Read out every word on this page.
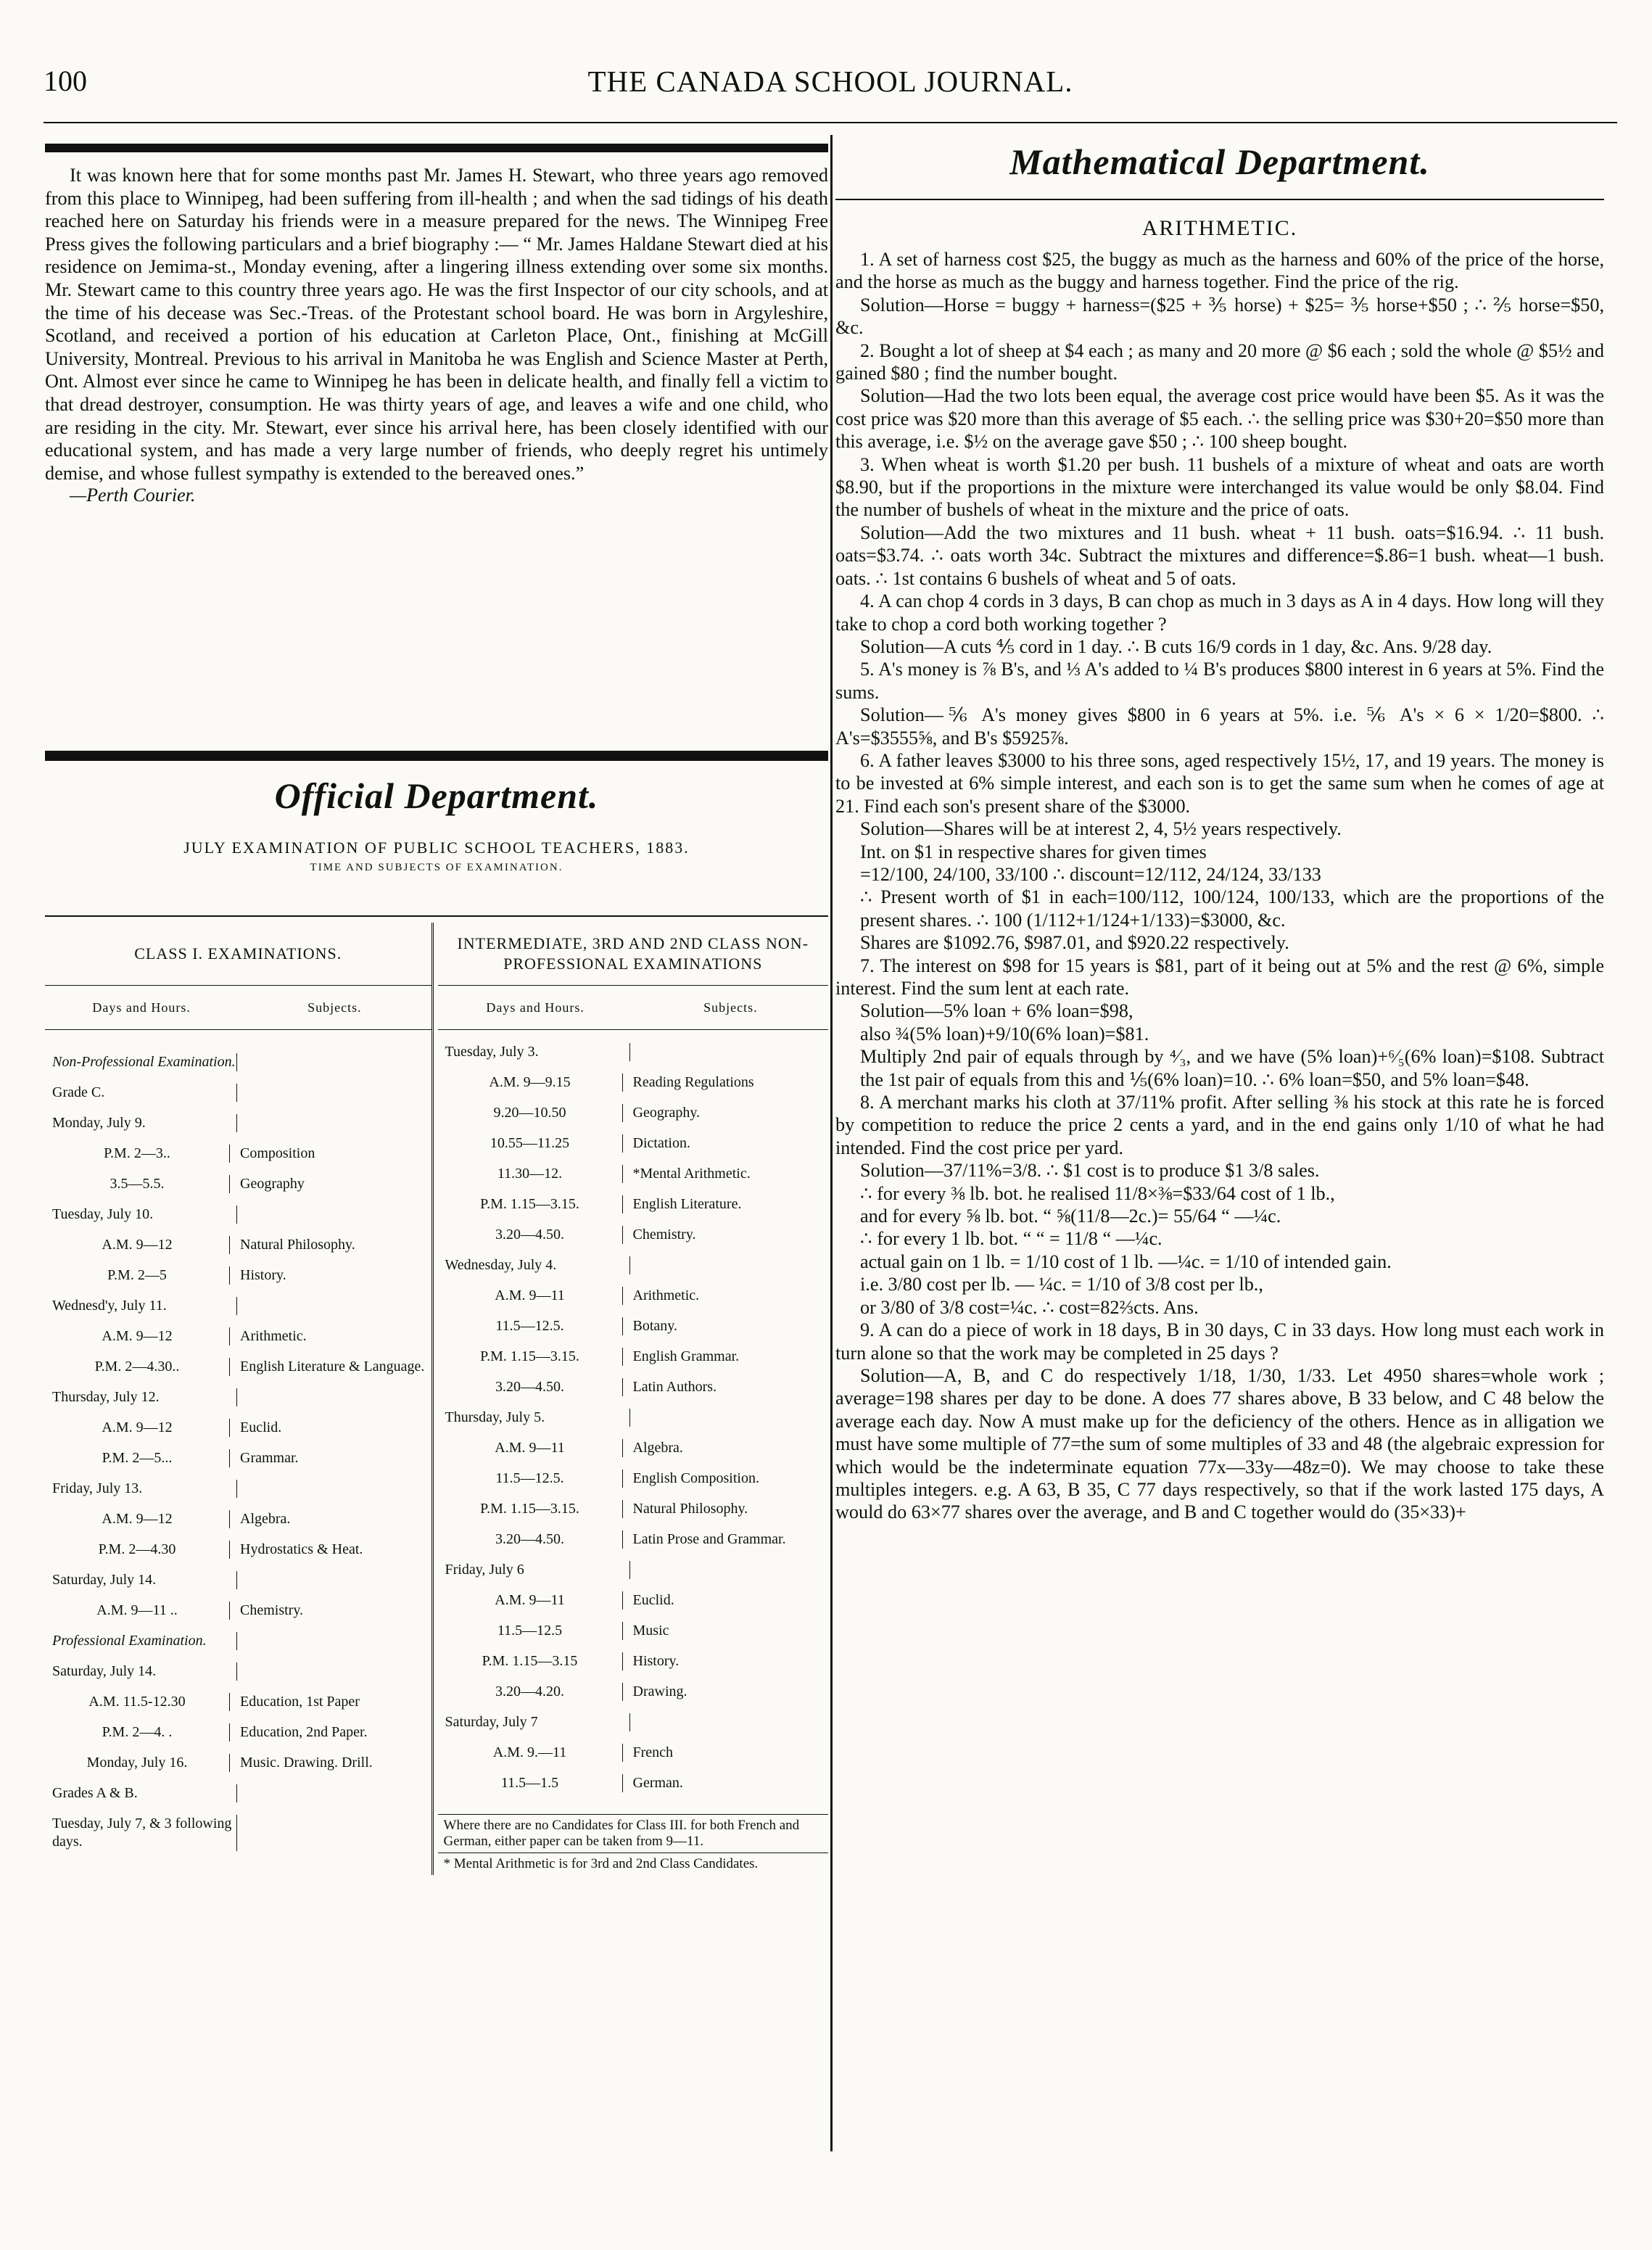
100	THE CANADA SCHOOL JOURNAL.

It was known here that for some months past Mr. James H. Stewart, who three years ago removed from this place to Winnipeg, had been suffering from ill-health ; and when the sad tidings of his death reached here on Saturday his friends were in a measure prepared for the news. The Winnipeg Free Press gives the following particulars and a brief biography :— “ Mr. James Haldane Stewart died at his residence on Jemima-st., Monday evening, after a lingering illness extending over some six months. Mr. Stewart came to this country three years ago. He was the first Inspector of our city schools, and at the time of his decease was Sec.-Treas. of the Protestant school board. He was born in Argyleshire, Scotland, and received a portion of his education at Carleton Place, Ont., finishing at McGill University, Montreal. Previous to his arrival in Manitoba he was English and Science Master at Perth, Ont. Almost ever since he came to Winnipeg he has been in delicate health, and finally fell a victim to that dread destroyer, consumption. He was thirty years of age, and leaves a wife and one child, who are residing in the city. Mr. Stewart, ever since his arrival here, has been closely identified with our educational system, and has made a very large number of friends, who deeply regret his untimely demise, and whose fullest sympathy is extended to the bereaved ones.”

—Perth Courier.
Official Department.
JULY EXAMINATION OF PUBLIC SCHOOL TEACHERS, 1883.
TIME AND SUBJECTS OF EXAMINATION.
CLASS I. EXAMINATIONS.
Days and Hours.	Subjects.
Non-Professional Examination.
Grade C.
Monday, July 9.
P.M. 2—3..	Composition
3.5—5.5.	Geography
Tuesday, July 10.
A.M. 9—12	Natural Philosophy.
P.M. 2—5	History.
Wednesd'y, July 11.
A.M. 9—12	Arithmetic.
P.M. 2—4.30..	English Literature & Language.
Thursday, July 12.
A.M. 9—12	Euclid.
P.M. 2—5...	Grammar.
Friday, July 13.
A.M. 9—12	Algebra.
P.M. 2—4.30	Hydrostatics & Heat.
Saturday, July 14.
A.M. 9—11 ..	Chemistry.
Professional Examination.
Saturday, July 14.
A.M. 11.5-12.30	Education, 1st Paper
P.M. 2—4. .	Education, 2nd Paper.
Monday, July 16.	Music. Drawing. Drill.
Grades A & B.
Tuesday, July 7, & 3 following days.
INTERMEDIATE, 3RD AND 2ND CLASS NON-PROFESSIONAL EXAMINATIONS
Days and Hours.	Subjects.
Tuesday, July 3.
A.M. 9—9.15	Reading Regulations
9.20—10.50	Geography.
10.55—11.25	Dictation.
11.30—12.	*Mental Arithmetic.
P.M. 1.15—3.15.	English Literature.
3.20—4.50.	Chemistry.
Wednesday, July 4.
A.M. 9—11	Arithmetic.
11.5—12.5.	Botany.
P.M. 1.15—3.15.	English Grammar.
3.20—4.50.	Latin Authors.
Thursday, July 5.
A.M. 9—11	Algebra.
11.5—12.5.	English Composition.
P.M. 1.15—3.15.	Natural Philosophy.
3.20—4.50.	Latin Prose and Grammar.
Friday, July 6
A.M. 9—11	Euclid.
11.5—12.5	Music
P.M. 1.15—3.15	History.
3.20—4.20.	Drawing.
Saturday, July 7
A.M. 9.—11	French
11.5—1.5	German.
Where there are no Candidates for Class III. for both French and German, either paper can be taken from 9—11.
* Mental Arithmetic is for 3rd and 2nd Class Candidates.
Mathematical Department.
ARITHMETIC.

1. A set of harness cost $25, the buggy as much as the harness and 60% of the price of the horse, and the horse as much as the buggy and harness together. Find the price of the rig.

Solution—Horse = buggy + harness=($25 + ⅗ horse) + $25= ⅗ horse+$50 ; ∴ ⅖ horse=$50, &c.

2. Bought a lot of sheep at $4 each ; as many and 20 more @ $6 each ; sold the whole @ $5½ and gained $80 ; find the number bought.

Solution—Had the two lots been equal, the average cost price would have been $5. As it was the cost price was $20 more than this average of $5 each. ∴ the selling price was $30+20=$50 more than this average, i.e. $½ on the average gave $50 ; ∴ 100 sheep bought.

3. When wheat is worth $1.20 per bush. 11 bushels of a mixture of wheat and oats are worth $8.90, but if the proportions in the mixture were interchanged its value would be only $8.04. Find the number of bushels of wheat in the mixture and the price of oats.

Solution—Add the two mixtures and 11 bush. wheat + 11 bush. oats=$16.94. ∴ 11 bush. oats=$3.74. ∴ oats worth 34c. Subtract the mixtures and difference=$.86=1 bush. wheat—1 bush. oats. ∴ 1st contains 6 bushels of wheat and 5 of oats.

4. A can chop 4 cords in 3 days, B can chop as much in 3 days as A in 4 days. How long will they take to chop a cord both working together ?

Solution—A cuts ⅘ cord in 1 day. ∴ B cuts 16/9 cords in 1 day, &c. Ans. 9/28 day.

5. A's money is ⅞ B's, and ⅓ A's added to ¼ B's produces $800 interest in 6 years at 5%. Find the sums.

Solution—⅚ A's money gives $800 in 6 years at 5%. i.e. ⅚ A's × 6 × 1/20=$800. ∴ A's=$3555⅝, and B's $5925⅞.

6. A father leaves $3000 to his three sons, aged respectively 15½, 17, and 19 years. The money is to be invested at 6% simple interest, and each son is to get the same sum when he comes of age at 21. Find each son's present share of the $3000.

Solution—Shares will be at interest 2, 4, 5½ years respectively.

Int. on $1 in respective shares for given times

=12/100, 24/100, 33/100 ∴ discount=12/112, 24/124, 33/133

∴ Present worth of $1 in each=100/112, 100/124, 100/133, which are the proportions of the present shares. ∴ 100 (1/112+1/124+1/133)=$3000, &c.

Shares are $1092.76, $987.01, and $920.22 respectively.

7. The interest on $98 for 15 years is $81, part of it being out at 5% and the rest @ 6%, simple interest. Find the sum lent at each rate.

Solution—5% loan + 6% loan=$98,

also ¾(5% loan)+9/10(6% loan)=$81.

Multiply 2nd pair of equals through by ⁴⁄₃, and we have (5% loan)+⁶⁄₅(6% loan)=$108. Subtract the 1st pair of equals from this and ⅕(6% loan)=10. ∴ 6% loan=$50, and 5% loan=$48.

8. A merchant marks his cloth at 37/11% profit. After selling ⅜ his stock at this rate he is forced by competition to reduce the price 2 cents a yard, and in the end gains only 1/10 of what he had intended. Find the cost price per yard.

Solution—37/11%=3/8. ∴ $1 cost is to produce $1 3/8 sales.

∴ for every ⅜ lb. bot. he realised 11/8×⅜=$33/64 cost of 1 lb.,

and for every ⅝ lb. bot. “ ⅝(11/8—2c.)= 55/64 “ —¼c.

∴ for every 1 lb. bot. “ “ = 11/8 “ —¼c.

actual gain on 1 lb. = 1/10 cost of 1 lb. —¼c. = 1/10 of intended gain.

i.e. 3/80 cost per lb. — ¼c. = 1/10 of 3/8 cost per lb.,

or 3/80 of 3/8 cost=¼c. ∴ cost=82⅔cts. Ans.

9. A can do a piece of work in 18 days, B in 30 days, C in 33 days. How long must each work in turn alone so that the work may be completed in 25 days ?

Solution—A, B, and C do respectively 1/18, 1/30, 1/33. Let 4950 shares=whole work ; average=198 shares per day to be done. A does 77 shares above, B 33 below, and C 48 below the average each day. Now A must make up for the deficiency of the others. Hence as in alligation we must have some multiple of 77=the sum of some multiples of 33 and 48 (the algebraic expression for which would be the indeterminate equation 77x—33y—48z=0). We may choose to take these multiples integers. e.g. A 63, B 35, C 77 days respectively, so that if the work lasted 175 days, A would do 63×77 shares over the average, and B and C together would do (35×33)+
